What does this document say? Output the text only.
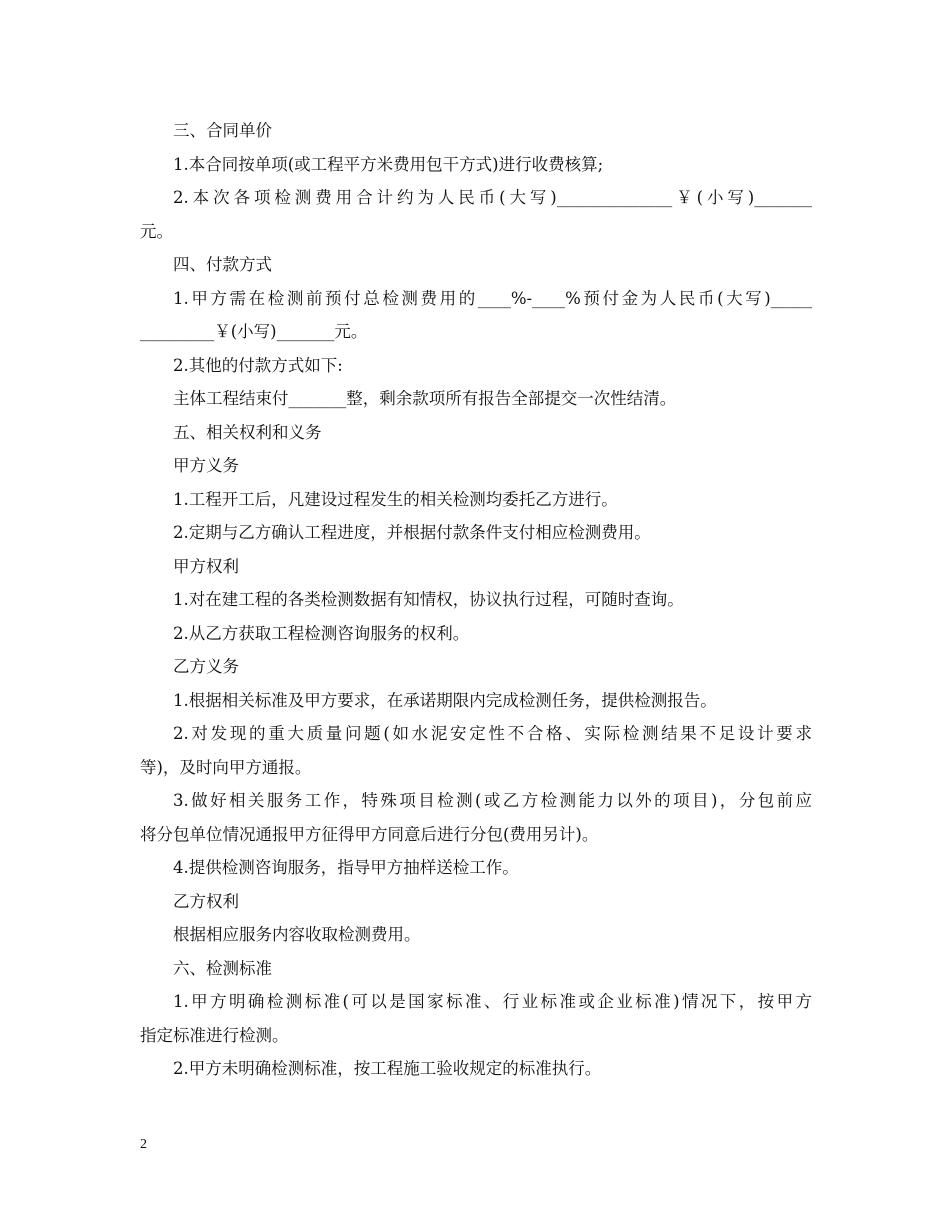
三、合同单价

1.本合同按单项(或工程平方米费用包干方式)进行收费核算;

2.本次各项检测费用合计约为人民币(大写)______________￥(小写)_______

元。

四、付款方式

1.甲方需在检测前预付总检测费用的____%-____%预付金为人民币(大写)_____

_________￥(小写)_______元。

2.其他的付款方式如下:

主体工程结束付_______整，剩余款项所有报告全部提交一次性结清。

五、相关权利和义务

甲方义务

1.工程开工后，凡建设过程发生的相关检测均委托乙方进行。

2.定期与乙方确认工程进度，并根据付款条件支付相应检测费用。

甲方权利

1.对在建工程的各类检测数据有知情权，协议执行过程，可随时查询。

2.从乙方获取工程检测咨询服务的权利。

乙方义务

1.根据相关标准及甲方要求，在承诺期限内完成检测任务，提供检测报告。

2.对发现的重大质量问题(如水泥安定性不合格、实际检测结果不足设计要求

等)，及时向甲方通报。

3.做好相关服务工作，特殊项目检测(或乙方检测能力以外的项目)，分包前应

将分包单位情况通报甲方征得甲方同意后进行分包(费用另计)。

4.提供检测咨询服务，指导甲方抽样送检工作。

乙方权利

根据相应服务内容收取检测费用。

六、检测标准

1.甲方明确检测标准(可以是国家标准、行业标准或企业标准)情况下，按甲方

指定标准进行检测。

2.甲方未明确检测标准，按工程施工验收规定的标准执行。

2
